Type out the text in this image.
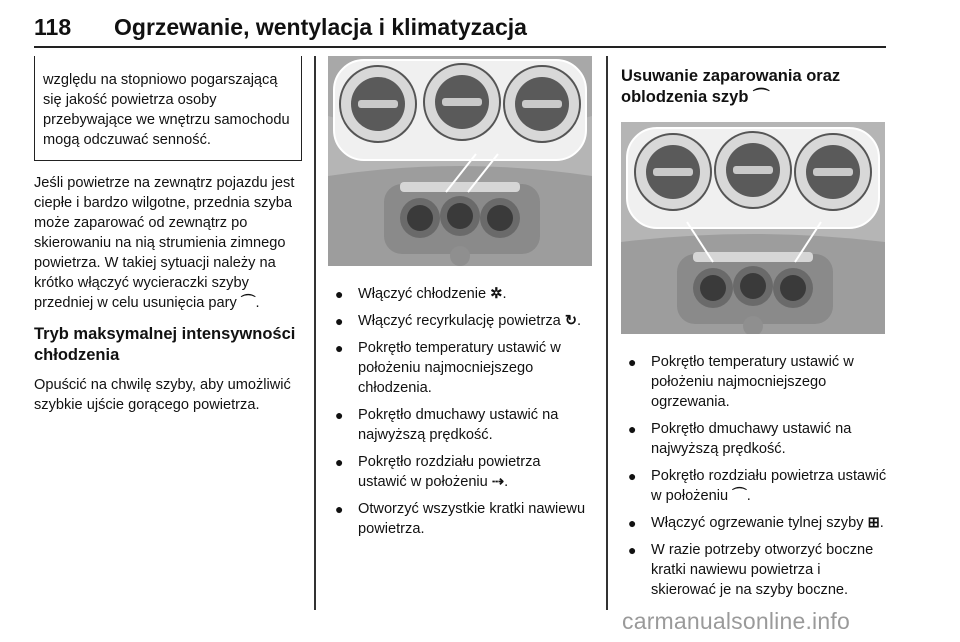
118 Ogrzewanie, wentylacja i klimatyzacja
względu na stopniowo pogarszającą się jakość powietrza osoby przebywające we wnętrzu samochodu mogą odczuwać senność.

Jeśli powietrze na zewnątrz pojazdu jest ciepłe i bardzo wilgotne, przednia szyba może zaparować od zewnątrz po skierowaniu na nią strumienia zimnego powietrza. W takiej sytuacji należy na krótko włączyć wycieraczki szyby przedniej w celu usunięcia pary ⌒.

Tryb maksymalnej intensywności chłodzenia

Opuścić na chwilę szyby, aby umożliwić szybkie ujście gorącego powietrza.

● Włączyć chłodzenie ✲.
● Włączyć recyrkulację powietrza ↻.
● Pokrętło temperatury ustawić w położeniu najmocniejszego chłodzenia.
● Pokrętło dmuchawy ustawić na najwyższą prędkość.
● Pokrętło rozdziału powietrza ustawić w położeniu ⇢.
● Otworzyć wszystkie kratki nawiewu powietrza.

Usuwanie zaparowania oraz oblodzenia szyb ⌒

● Pokrętło temperatury ustawić w położeniu najmocniejszego ogrzewania.
● Pokrętło dmuchawy ustawić na najwyższą prędkość.
● Pokrętło rozdziału powietrza ustawić w położeniu ⌒.
● Włączyć ogrzewanie tylnej szyby ⊞.
● W razie potrzeby otworzyć boczne kratki nawiewu powietrza i skierować je na szyby boczne.
carmanualsonline.info
